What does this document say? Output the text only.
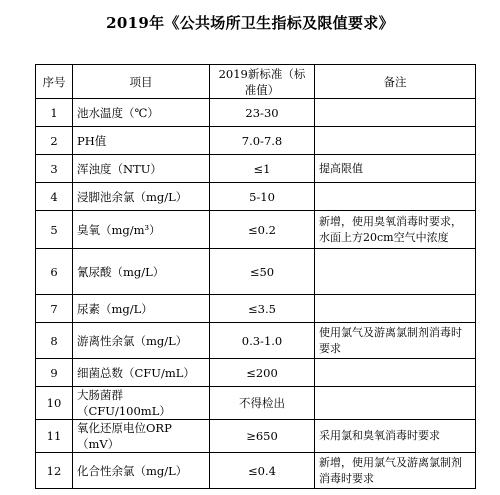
2019年《公共场所卫生指标及限值要求》
序号	项目	2019新标准（标准值）	备注
1	池水温度（℃）	23-30	
2	PH值	7.0-7.8	
3	浑浊度（NTU）	≤1	提高限值
4	浸脚池余氯（mg/L）	5-10	
5	臭氧（mg/m³）	≤0.2	新增，使用臭氧消毒时要求，水面上方20cm空气中浓度
6	氰尿酸（mg/L）	≤50	
7	尿素（mg/L）	≤3.5	
8	游离性余氯（mg/L）	0.3-1.0	使用氯气及游离氯制剂消毒时要求
9	细菌总数（CFU/mL）	≤200	
10	大肠菌群（CFU/100mL）	不得检出	
11	氧化还原电位ORP（mV）	≥650	采用氯和臭氧消毒时要求
12	化合性余氯（mg/L）	≤0.4	新增，使用氯气及游离氯制剂消毒时要求
